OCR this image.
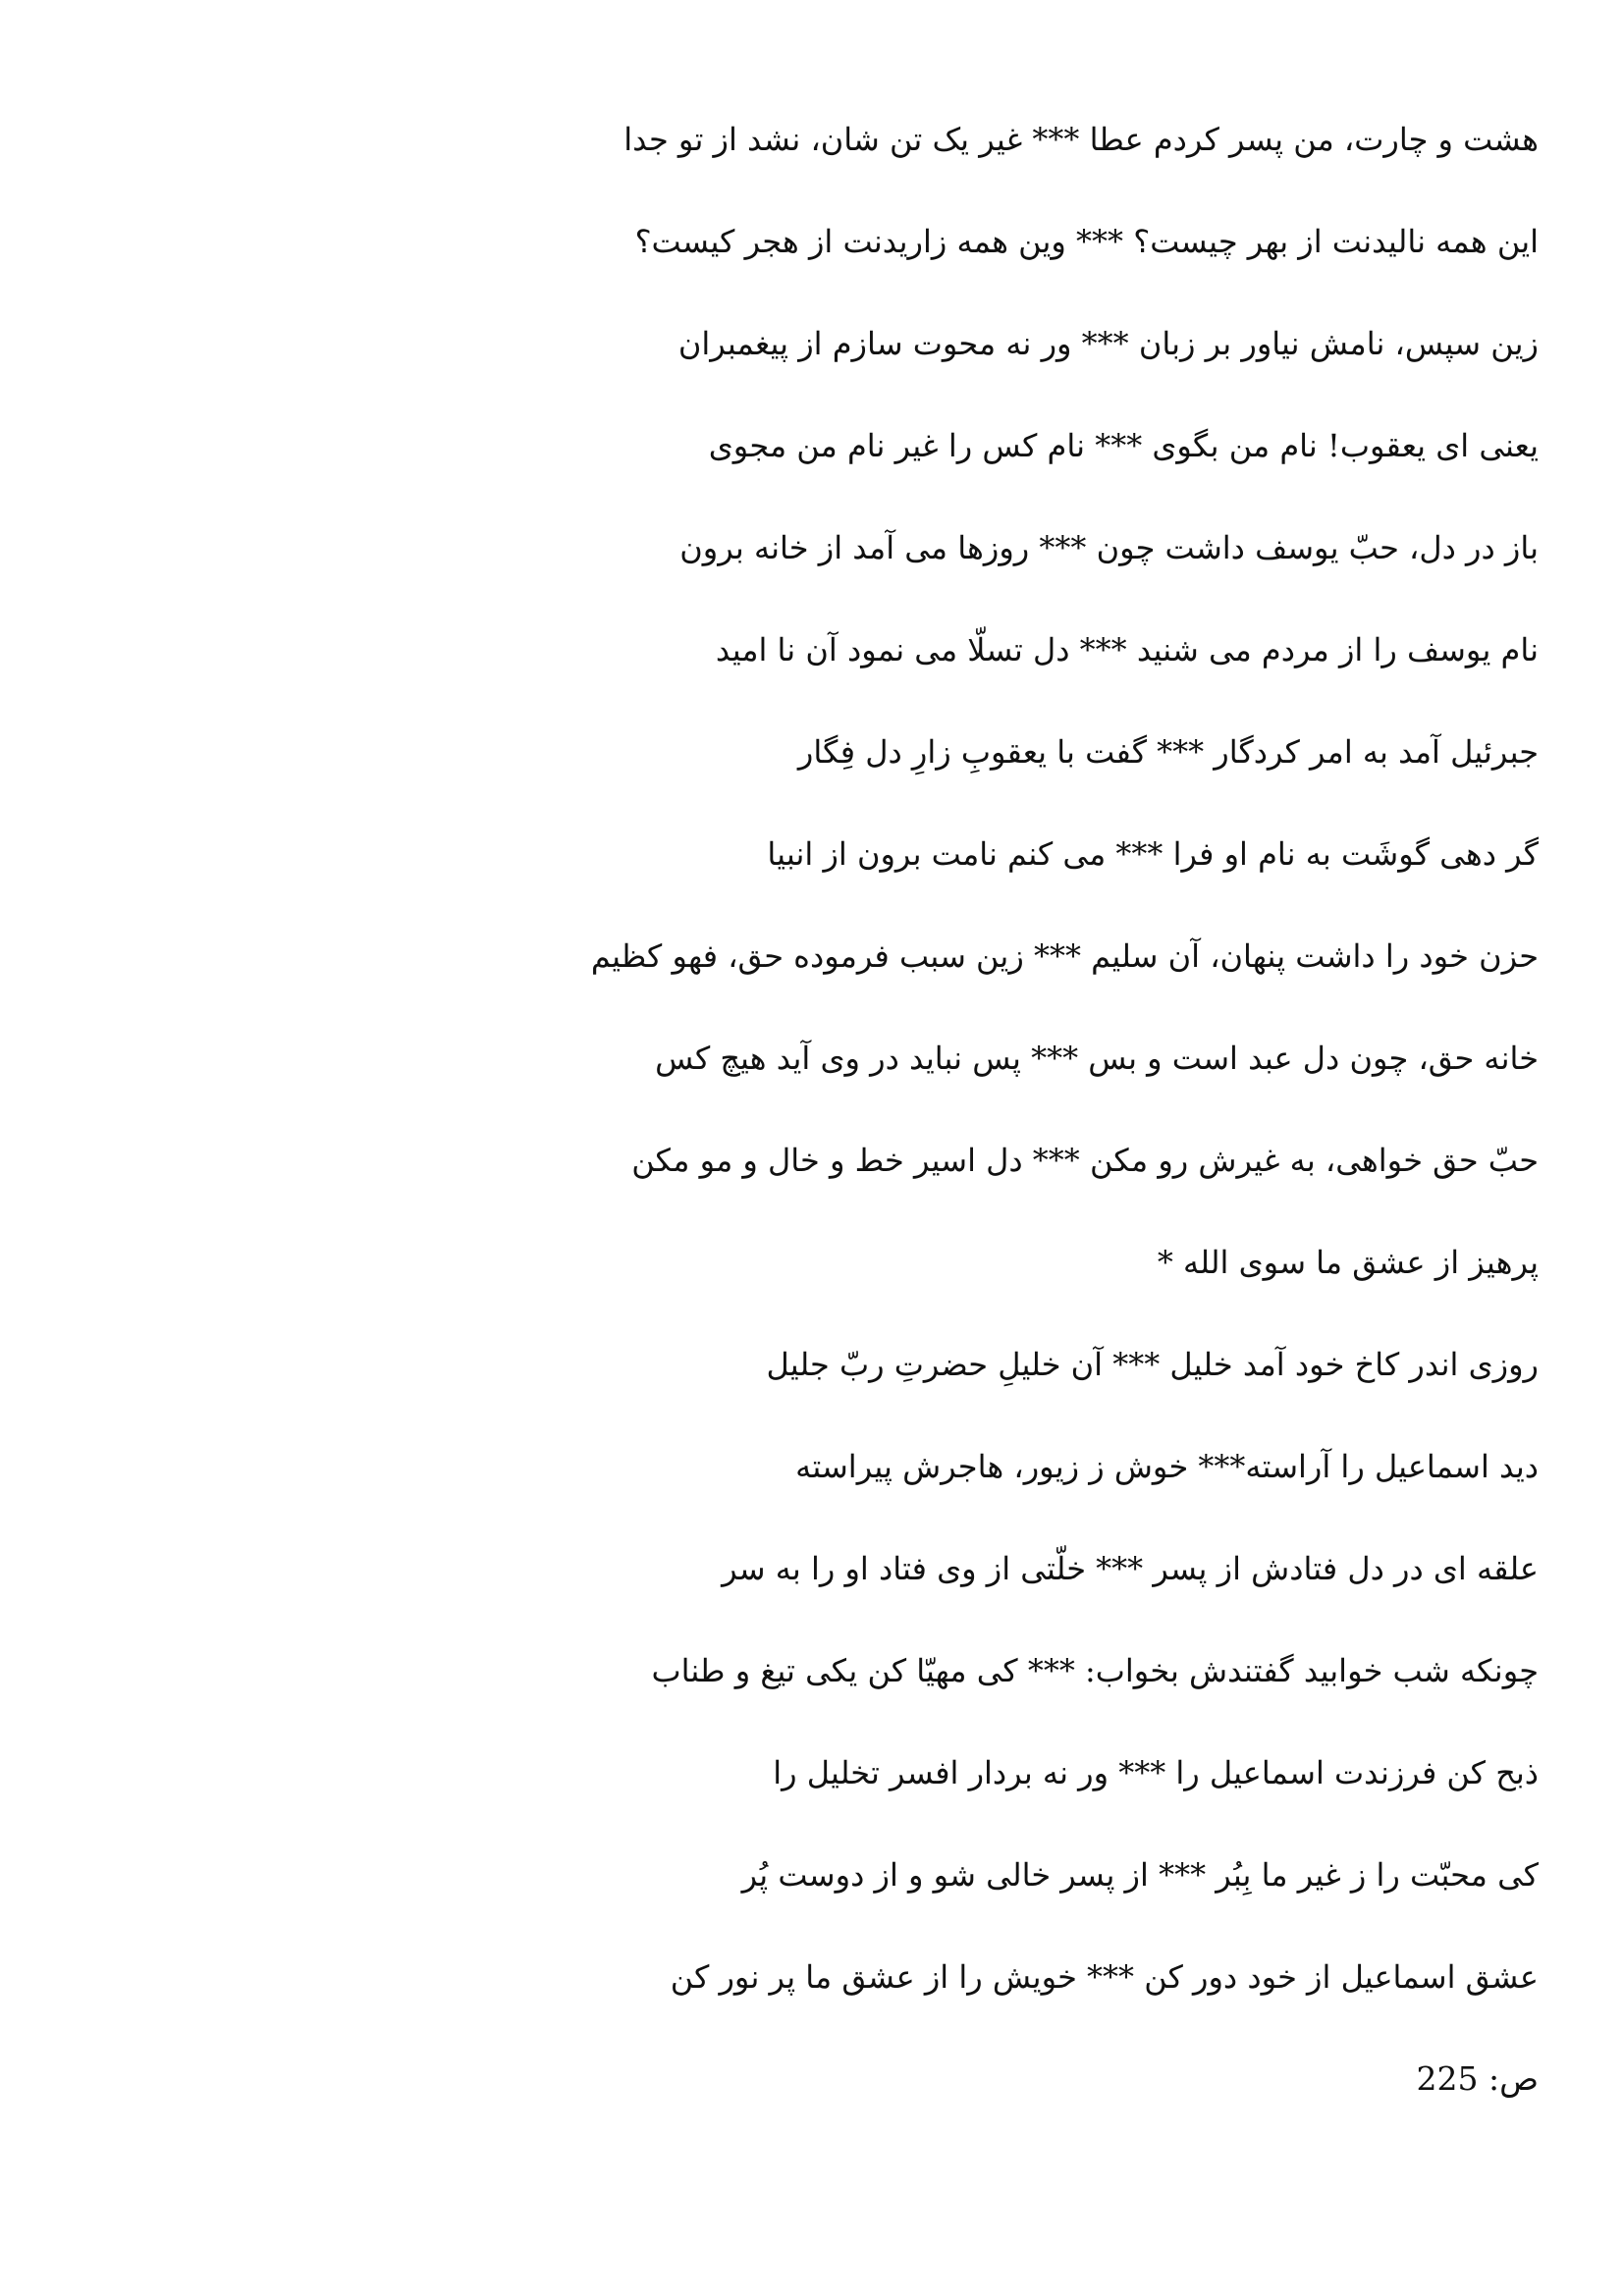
هشت و چارت، من پسر کردم عطا *** غیر یک تن شان، نشد از تو جدا
این همه نالیدنت از بهر چیست؟ *** وین همه زاریدنت از هجر کیست؟
زین سپس، نامش نیاور بر زبان *** ور نه محوت سازم از پیغمبران
یعنی ای یعقوب! نام من بگوی *** نام کس را غیر نام من مجوی
باز در دل، حبّ یوسف داشت چون *** روزها می آمد از خانه برون
نام یوسف را از مردم می شنید *** دل تسلّا می نمود آن نا امید
جبرئیل آمد به امر کردگار *** گفت با یعقوبِ زارِ دل فِگار
گر دهی گوشَت به نام او فرا *** می کنم نامت برون از انبیا
حزن خود را داشت پنهان، آن سلیم *** زین سبب فرموده حق، فهو کظیم
خانه حق، چون دل عبد است و بس *** پس نباید در وی آید هیچ کس
حبّ حق خواهی، به غیرش رو مکن *** دل اسیر خط و خال و مو مکن
پرهیز از عشق ما سوی الله *
روزی اندر کاخ خود آمد خلیل *** آن خلیلِ حضرتِ ربّ جلیل
دید اسماعیل را آراسته*** خوش ز زیور، هاجرش پیراسته
علقه ای در دل فتادش از پسر *** خلّتی از وی فتاد او را به سر
چونکه شب خوابید گفتندش بخواب: *** کی مهیّا کن یکی تیغ و طناب
ذبح کن فرزندت اسماعیل را *** ور نه بردار افسر تخلیل را
کی محبّت را ز غیر ما بِبُر *** از پسر خالی شو و از دوست پُر
عشق اسماعیل از خود دور کن *** خویش را از عشق ما پر نور کن
ص: 225
